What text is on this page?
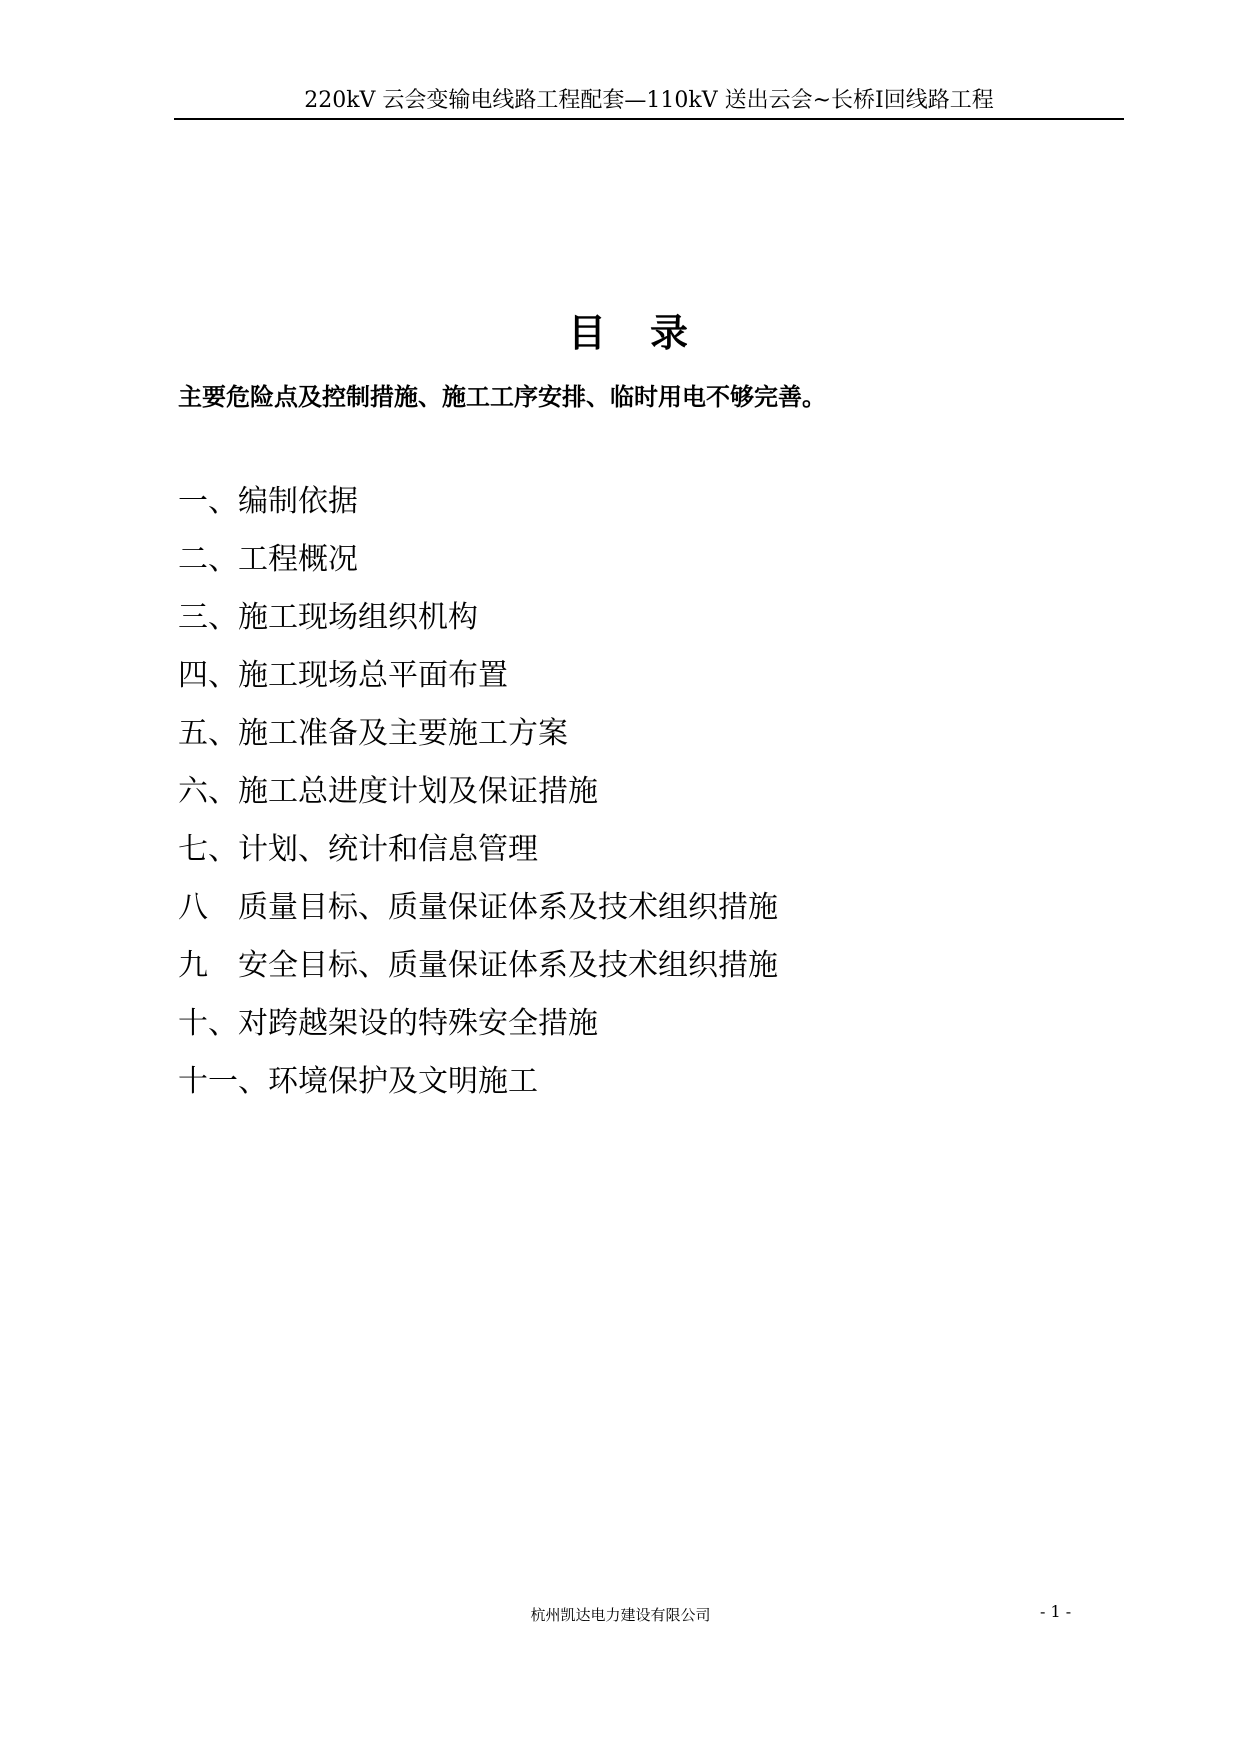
220kV 云会变输电线路工程配套—110kV 送出云会~长桥Ⅰ回线路工程
目录
主要危险点及控制措施、施工工序安排、临时用电不够完善。
一、编制依据
二、工程概况
三、施工现场组织机构
四、施工现场总平面布置
五、施工准备及主要施工方案
六、施工总进度计划及保证措施
七、计划、统计和信息管理
八　质量目标、质量保证体系及技术组织措施
九　安全目标、质量保证体系及技术组织措施
十、对跨越架设的特殊安全措施
十一、环境保护及文明施工
杭州凯达电力建设有限公司	- 1 -
